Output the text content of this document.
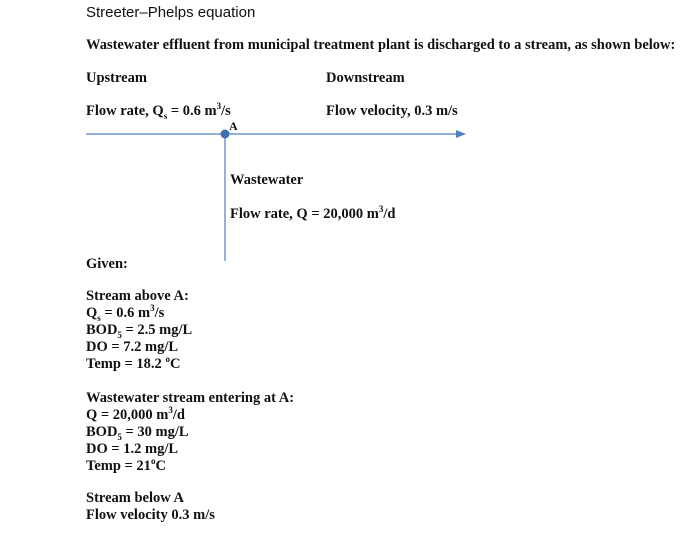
Streeter–Phelps equation
Wastewater effluent from municipal treatment plant is discharged to a stream, as shown below:
Upstream	Downstream
Flow rate, $Q_s = 0.6$ $m^3/s$	Flow velocity, 0.3 m/s
A
Wastewater
Flow rate, Q = 20,000 $m^3/d$
Given:
Stream above A:
$Q_s = 0.6$ $m^3/s$
$BOD_5 = 2.5$ mg/L
DO = 7.2 mg/L
Temp = 18.2 $^o$C
Wastewater stream entering at A:
Q = 20,000 $m^3/d$
$BOD_5 = 30$ mg/L
DO = 1.2 mg/L
Temp = $21^oC$
Stream below A
Flow velocity 0.3 m/s
